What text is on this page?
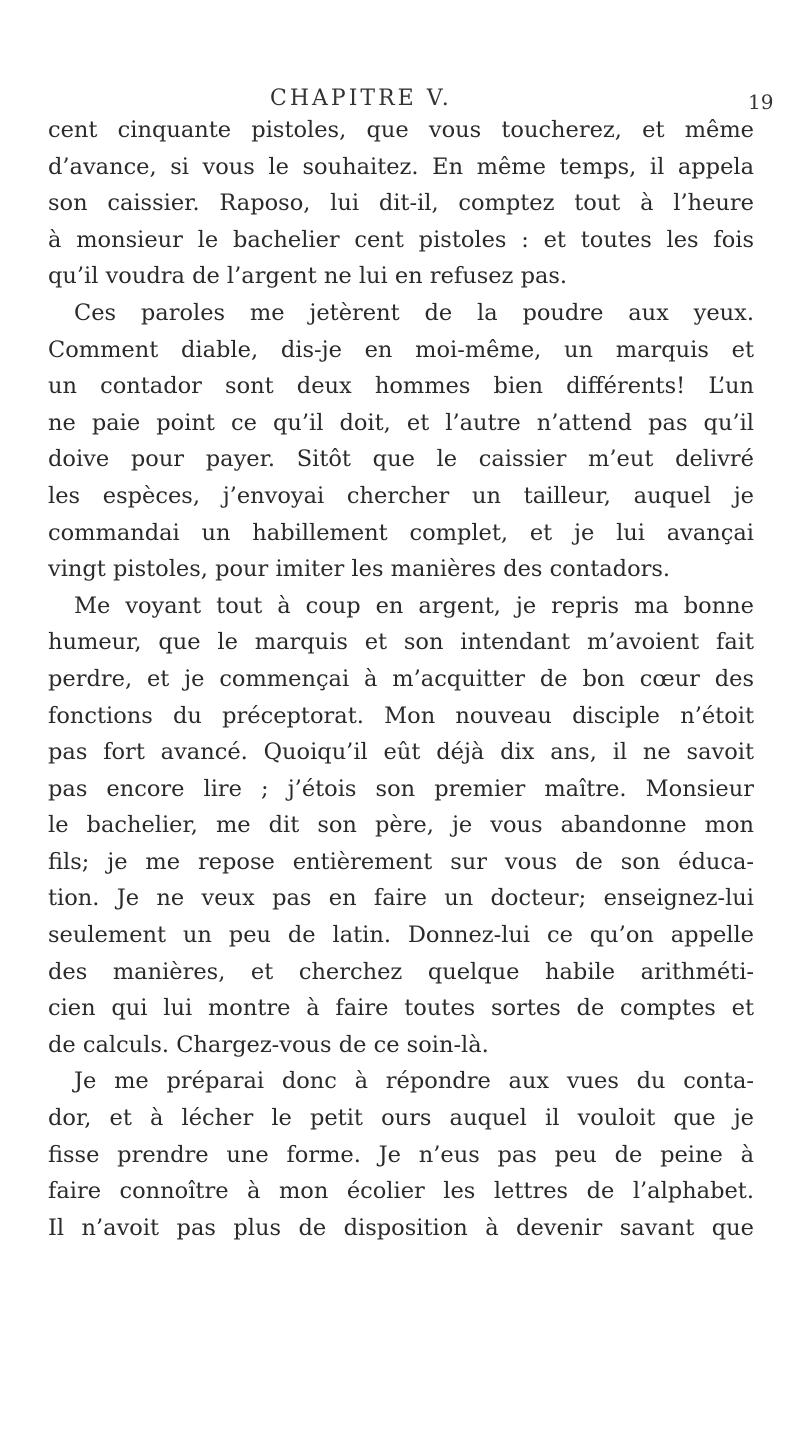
CHAPITRE V.	19
cent cinquante pistoles, que vous toucherez, et même
d’avance, si vous le souhaitez. En même temps, il appela
son caissier. Raposo, lui dit-il, comptez tout à l’heure
à monsieur le bachelier cent pistoles : et toutes les fois
qu’il voudra de l’argent ne lui en refusez pas.
Ces paroles me jetèrent de la poudre aux yeux.
Comment diable, dis-je en moi-même, un marquis et
un contador sont deux hommes bien différents! L’un
ne paie point ce qu’il doit, et l’autre n’attend pas qu’il
doive pour payer. Sitôt que le caissier m’eut delivré
les espèces, j’envoyai chercher un tailleur, auquel je
commandai un habillement complet, et je lui avançai
vingt pistoles, pour imiter les manières des contadors.
Me voyant tout à coup en argent, je repris ma bonne
humeur, que le marquis et son intendant m’avoient fait
perdre, et je commençai à m’acquitter de bon cœur des
fonctions du préceptorat. Mon nouveau disciple n’étoit
pas fort avancé. Quoiqu’il eût déjà dix ans, il ne savoit
pas encore lire ; j’étois son premier maître. Monsieur
le bachelier, me dit son père, je vous abandonne mon
fils; je me repose entièrement sur vous de son éduca-
tion. Je ne veux pas en faire un docteur; enseignez-lui
seulement un peu de latin. Donnez-lui ce qu’on appelle
des manières, et cherchez quelque habile arithméti-
cien qui lui montre à faire toutes sortes de comptes et
de calculs. Chargez-vous de ce soin-là.
Je me préparai donc à répondre aux vues du conta-
dor, et à lécher le petit ours auquel il vouloit que je
fisse prendre une forme. Je n’eus pas peu de peine à
faire connoître à mon écolier les lettres de l’alphabet.
Il n’avoit pas plus de disposition à devenir savant que
